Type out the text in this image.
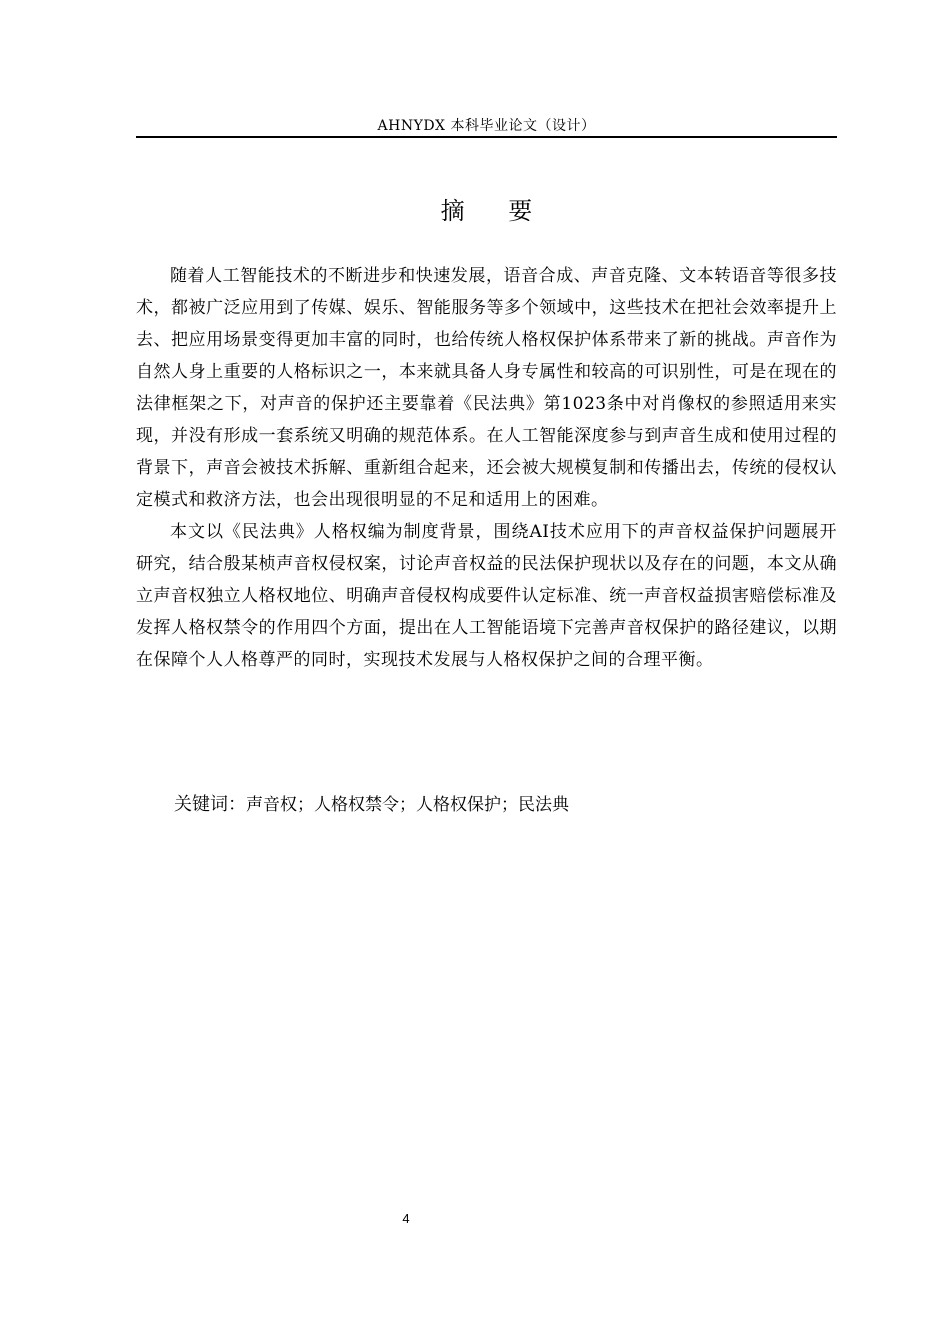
AHNYDX 本科毕业论文（设计）
摘 要

随着人工智能技术的不断进步和快速发展，语音合成、声音克隆、文本转语音等很多技术，都被广泛应用到了传媒、娱乐、智能服务等多个领域中，这些技术在把社会效率提升上去、把应用场景变得更加丰富的同时，也给传统人格权保护体系带来了新的挑战。声音作为自然人身上重要的人格标识之一，本来就具备人身专属性和较高的可识别性，可是在现在的法律框架之下，对声音的保护还主要靠着《民法典》第1023条中对肖像权的参照适用来实现，并没有形成一套系统又明确的规范体系。在人工智能深度参与到声音生成和使用过程的背景下，声音会被技术拆解、重新组合起来，还会被大规模复制和传播出去，传统的侵权认定模式和救济方法，也会出现很明显的不足和适用上的困难。

本文以《民法典》人格权编为制度背景，围绕AI技术应用下的声音权益保护问题展开研究，结合殷某桢声音权侵权案，讨论声音权益的民法保护现状以及存在的问题，本文从确立声音权独立人格权地位、明确声音侵权构成要件认定标准、统一声音权益损害赔偿标准及发挥人格权禁令的作用四个方面，提出在人工智能语境下完善声音权保护的路径建议，以期在保障个人人格尊严的同时，实现技术发展与人格权保护之间的合理平衡。

关键词：声音权；人格权禁令；人格权保护；民法典
4
